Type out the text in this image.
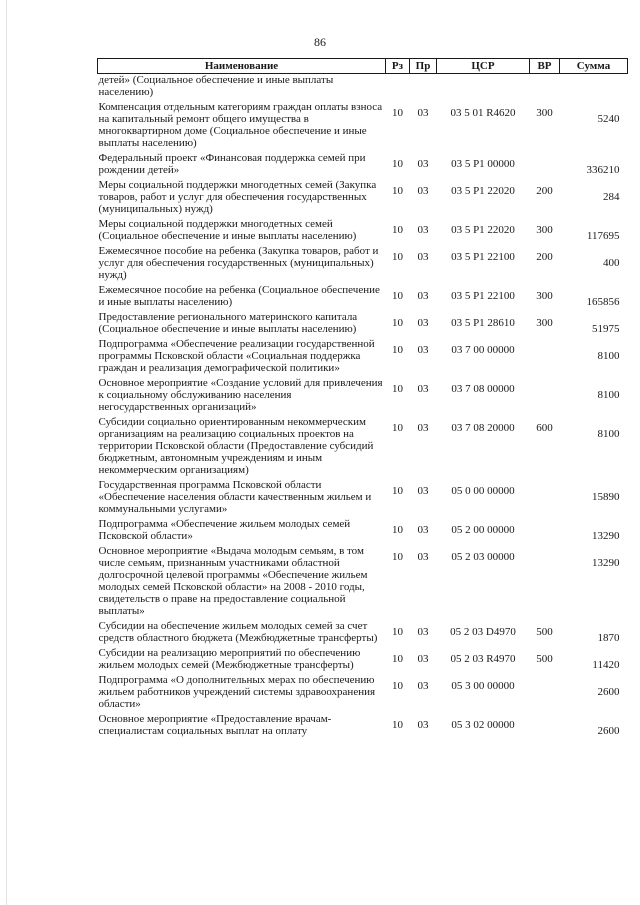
86
Наименование	Рз	Пр	ЦСР	ВР	Сумма
детей» (Социальное обеспечение и иные выплаты населению)					
Компенсация отдельным категориям граждан оплаты взноса на капитальный ремонт общего имущества в многоквартирном доме (Социальное обеспечение и иные выплаты населению)	10	03	03 5 01 R4620	300	5240
Федеральный проект «Финансовая поддержка семей при рождении детей»	10	03	03 5 P1 00000		336210
Меры социальной поддержки многодетных семей (Закупка товаров, работ и услуг для обеспечения государственных (муниципальных) нужд)	10	03	03 5 P1 22020	200	284
Меры социальной поддержки многодетных семей (Социальное обеспечение и иные выплаты населению)	10	03	03 5 P1 22020	300	117695
Ежемесячное пособие на ребенка (Закупка товаров, работ и услуг для обеспечения государственных (муниципальных) нужд)	10	03	03 5 P1 22100	200	400
Ежемесячное пособие на ребенка (Социальное обеспечение и иные выплаты населению)	10	03	03 5 P1 22100	300	165856
Предоставление регионального материнского капитала (Социальное обеспечение и иные выплаты населению)	10	03	03 5 P1 28610	300	51975
Подпрограмма «Обеспечение реализации государственной программы Псковской области «Социальная поддержка граждан и реализация демографической политики»	10	03	03 7 00 00000		8100
Основное мероприятие «Создание условий для привлечения к социальному обслуживанию населения негосударственных организаций»	10	03	03 7 08 00000		8100
Субсидии социально ориентированным некоммерческим организациям на реализацию социальных проектов на территории Псковской области (Предоставление субсидий бюджетным, автономным учреждениям и иным некоммерческим организациям)	10	03	03 7 08 20000	600	8100
Государственная программа Псковской области «Обеспечение населения области качественным жильем и коммунальными услугами»	10	03	05 0 00 00000		15890
Подпрограмма «Обеспечение жильем молодых семей Псковской области»	10	03	05 2 00 00000		13290
Основное мероприятие «Выдача молодым семьям, в том числе семьям, признанным участниками областной долгосрочной целевой программы «Обеспечение жильем молодых семей Псковской области» на 2008 - 2010 годы, свидетельств о праве на предоставление социальной выплаты»	10	03	05 2 03 00000		13290
Субсидии на обеспечение жильем молодых семей за счет средств областного бюджета (Межбюджетные трансферты)	10	03	05 2 03 D4970	500	1870
Субсидии на реализацию мероприятий по обеспечению жильем молодых семей (Межбюджетные трансферты)	10	03	05 2 03 R4970	500	11420
Подпрограмма «О дополнительных мерах по обеспечению жильем работников учреждений системы здравоохранения области»	10	03	05 3 00 00000		2600
Основное мероприятие «Предоставление врачам-специалистам социальных выплат на оплату	10	03	05 3 02 00000		2600
